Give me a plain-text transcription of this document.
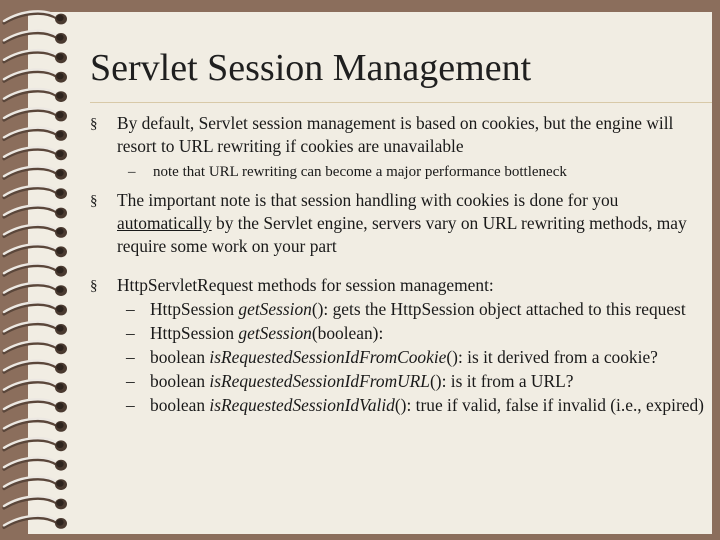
Servlet Session Management
§ By default, Servlet session management is based on cookies, but the engine will resort to URL rewriting if cookies are unavailable
– note that URL rewriting can become a major performance bottleneck
§ The important note is that session handling with cookies is done for you automatically by the Servlet engine, servers vary on URL rewriting methods, may require some work on your part
§ HttpServletRequest methods for session management:
– HttpSession getSession(): gets the HttpSession object attached to this request
– HttpSession getSession(boolean):
– boolean isRequestedSessionIdFromCookie(): is it derived from a cookie?
– boolean isRequestedSessionIdFromURL(): is it from a URL?
– boolean isRequestedSessionIdValid(): true if valid, false if invalid (i.e., expired)
